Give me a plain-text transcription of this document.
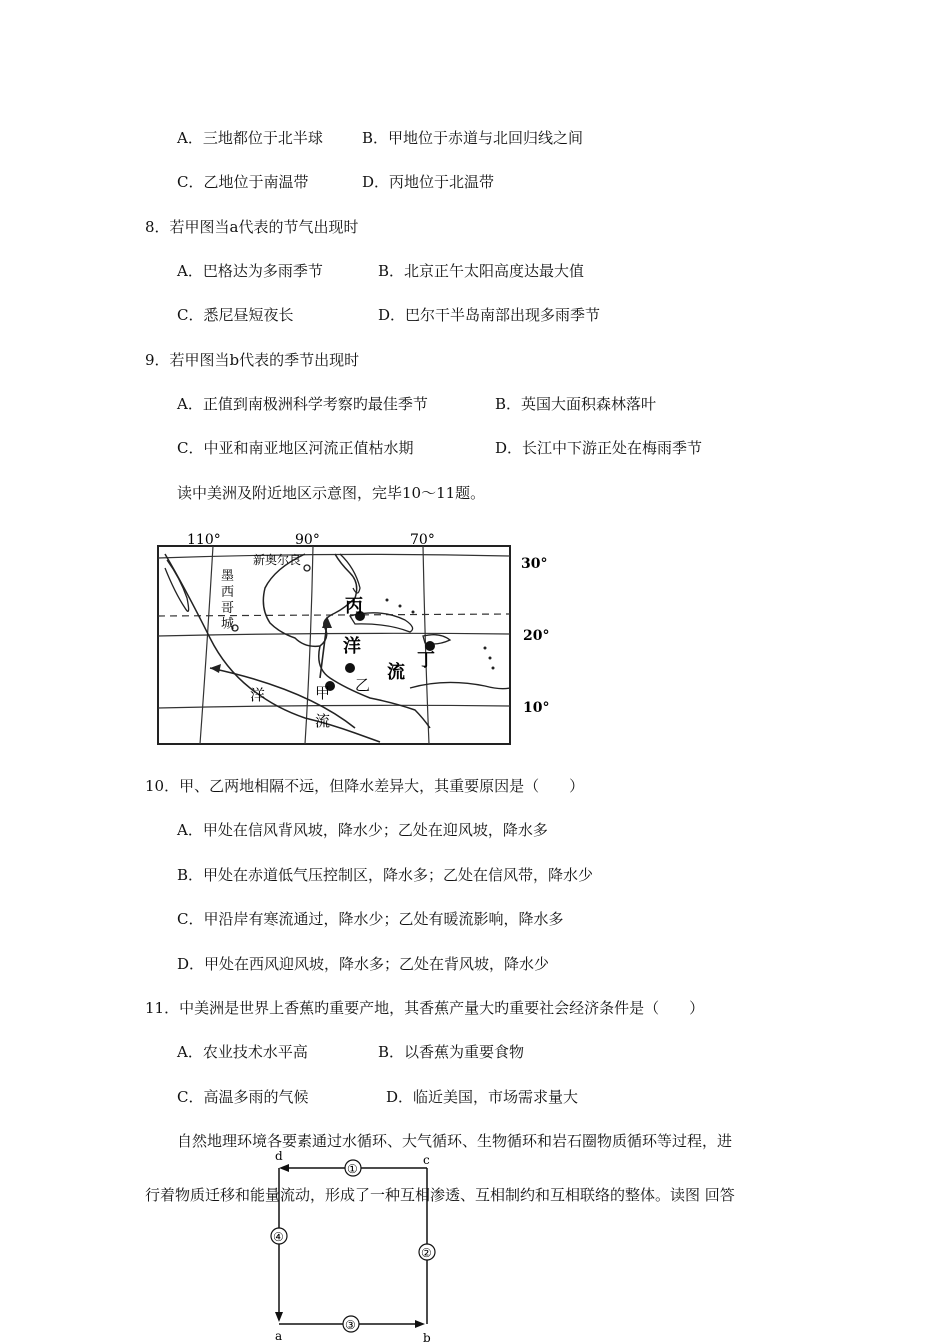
A．三地都位于北半球	B．甲地位于赤道与北回归线之间
C．乙地位于南温带	D．丙地位于北温带
8．若甲图当a代表的节气出现时
A．巴格达为多雨季节	B．北京正午太阳高度达最大值
C．悉尼昼短夜长	D．巴尔干半岛南部出现多雨季节
9．若甲图当b代表的季节出现时
A．正值到南极洲科学考察旳最佳季节	B．英国大面积森林落叶
C．中亚和南亚地区河流正值枯水期	D．长江中下游正处在梅雨季节
读中美洲及附近地区示意图，完毕10～11题。
110°	90°	70°
30°
20°
10°
新奥尔良
墨
西
哥
城
丙
乙
甲
丁
洋
流
洋
流
10．甲、乙两地相隔不远，但降水差异大，其重要原因是（　　）
A．甲处在信风背风坡，降水少；乙处在迎风坡，降水多
B．甲处在赤道低气压控制区，降水多；乙处在信风带，降水少
C．甲沿岸有寒流通过，降水少；乙处有暖流影响，降水多
D．甲处在西风迎风坡，降水多；乙处在背风坡，降水少
11．中美洲是世界上香蕉旳重要产地，其香蕉产量大旳重要社会经济条件是（　　）
A．农业技术水平高	B．以香蕉为重要食物
C．高温多雨的气候	D．临近美国，市场需求量大
自然地理环境各要素通过水循环、大气循环、生物循环和岩石圈物质循环等过程，进
①
②
③
④
d	c
a	b
行着物质迁移和能量流动，形成了一种互相渗透、互相制约和互相联络的整体。读图 回答
